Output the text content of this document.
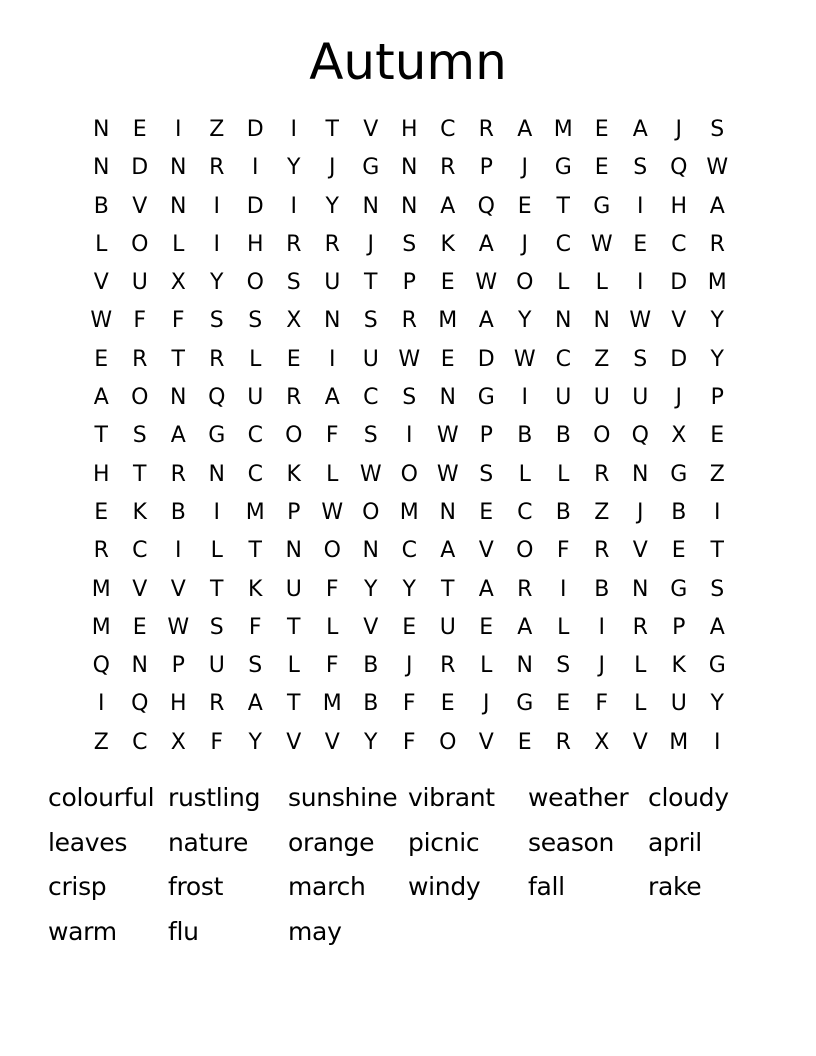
Autumn
N	E	I	Z	D	I	T	V	H	C	R	A M	E	A	J	S
N D N	R	I	Y	J	G N	R	P	J	G	E	S	Q W
B	V	N	I	D	I	Y	N	N	A	Q	E	T	G	I	H	A
L	O	L	I	H	R	R	J	S	K	A	J	C W E	C	R
V	U	X	Y	O	S	U	T	P	E W O	L	L	I	D M
W F	F	S	S	X	N	S	R M A	Y	N	N W V	Y
E	R	T	R	L	E	I	U W E	D W C	Z	S	D	Y
A	O N Q U	R	A	C	S	N G	I	U	U	U	J	P
T	S	A	G	C	O	F	S	I	W P	B	B	O Q	X	E
H	T	R	N	C	K	L W O W S	L	L	R	N G	Z
E	K	B	I	M	P W O M N	E	C	B	Z	J	B	I
R	C	I	L	T	N O N	C	A	V	O	F	R	V	E	T
M V	V	T	K	U	F	Y	Y	T	A	R	I	B	N G	S
M	E W S	F	T	L	V	E	U	E	A	L	I	R	P	A
Q N	P	U	S	L	F	B	J	R	L	N	S	J	L	K	G
I	Q H	R	A	T	M B	F	E	J	G	E	F	L	U	Y
Z	C	X	F	Y	V	V	Y	F	O	V	E	R	X	V M	I
colourful rustling	sunshine vibrant	weather cloudy
leaves	nature	orange	picnic	season	april
crisp	frost	march	windy	fall	rake
warm	flu	may
